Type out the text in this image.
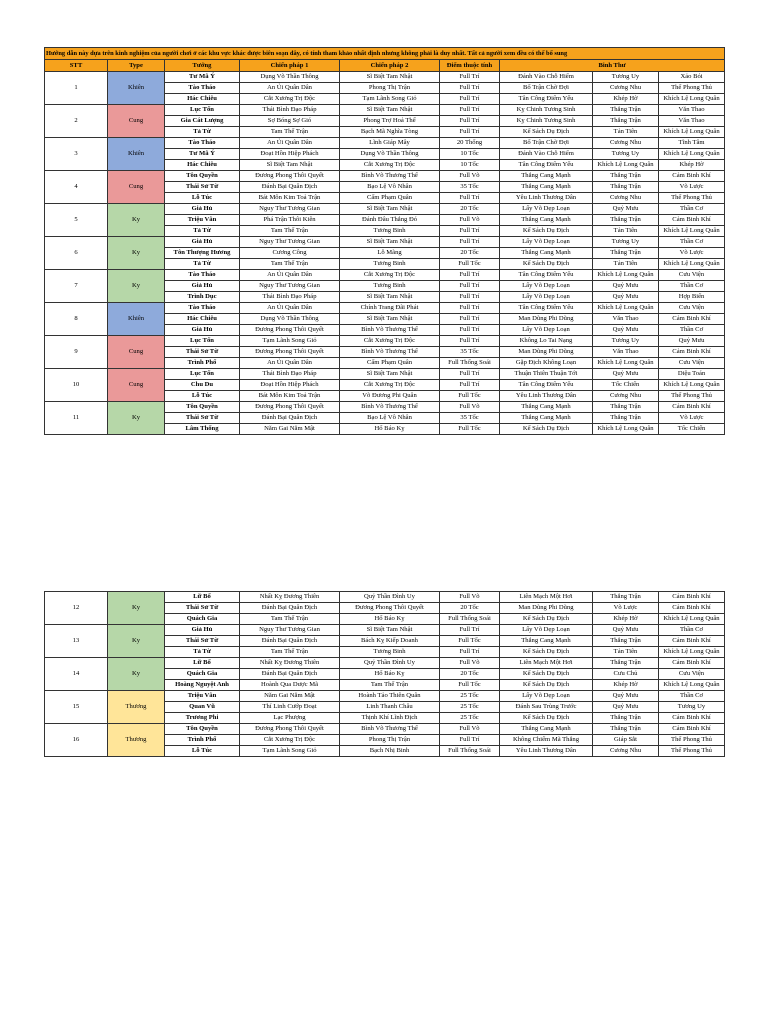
Hướng dẫn này dựa trên kinh nghiệm của người chơi ở các khu vực khác được biên soạn đây, có tính tham khảo nhất định nhưng không phải là duy nhất. Tất cả người xem đều có thể bổ sung								
STT	Type	Tướng	Chiến pháp 1	Chiến pháp 2	Điểm thuộc tính	Binh Thư		
1	Khiên	Tư Mã Ý	Dụng Võ Thần Thông	Sĩ Biệt Tam Nhật	Full Trí	Đánh Vào Chỗ Hiểm	Tương Uy	Xảo Bói
		Tào Tháo	An Ủi Quân Dân	Phong Thị Trận	Full Trí	Bổ Trận Chờ Đợi	Cương Nhu	Thể Phong Thủ
		Hác Chiêu	Cắt Xương Trị Độc	Tạm Lãnh Song Giỏ	Full Trí	Tân Công Điểm Yếu	Khép Hờ	Khích Lệ Long Quân
2	Cung	Lục Tốn	Thái Bình Đạo Pháp	Sĩ Biệt Tam Nhật	Full Trí	Kỵ Chinh Tương Sinh	Thắng Trận	Văn Thao
		Gia Cát Lượng	Sợ Bóng Sợ Gió	Phong Trợ Hoả Thế	Full Trí	Kỵ Chinh Tương Sinh	Thắng Trận	Văn Thao
		Tả Từ	Tam Thế Trận	Bạch Mã Nghĩa Tòng	Full Trí	Kế Sách Dụ Địch	Tản Tiên	Khích Lệ Long Quân
3	Khiên	Tào Tháo	An Ủi Quân Dân	Lĩnh Giáp Mây	20 Thống	Bổ Trận Chờ Đợi	Cương Nhu	Tĩnh Tâm
		Tư Mã Ý	Đoạt Hồn Hiệp Phách	Dụng Võ Thần Thông	10 Tốc	Đánh Vào Chỗ Hiểm	Tương Uy	Khích Lệ Long Quân
		Hác Chiêu	Sĩ Biệt Tam Nhật	Cắt Xương Trị Độc	10 Tốc	Tân Công Điểm Yếu	Khích Lệ Long Quân	Khép Hờ
4	Cung	Tôn Quyền	Đương Phong Thôi Quyết	Bình Võ Thương Thế	Full Võ	Thắng Cang Mạnh	Thắng Trận	Cảm Binh Khí
		Thái Sử Từ	Đánh Bại Quân Địch	Bạo Lệ Vô Nhân	35 Tốc	Thắng Cang Mạnh	Thắng Trận	Võ Lược
		Lỗ Túc	Bát Môn Kim Toả Trận	Cấm Phạm Quân	Full Trí	Yêu Linh Thương Dân	Cương Nhu	Thể Phong Thủ
5	Ky	Giả Hủ	Nguy Thư Tương Gian	Sĩ Biệt Tam Nhật	20 Tốc	Lấy Võ Dẹp Loạn	Quỷ Mưu	Thần Cơ
		Triệu Vân	Phá Trận Thôi Kiên	Đánh Đâu Thắng Đó	Full Võ	Thắng Cang Mạnh	Thắng Trận	Cảm Binh Khí
		Tả Từ	Tam Thế Trận	Tương Binh	Full Trí	Kế Sách Dụ Địch	Tản Tiên	Khích Lệ Long Quân
6	Ky	Giả Hủ	Nguy Thư Tương Gian	Sĩ Biệt Tam Nhật	Full Trí	Lấy Võ Dẹp Loạn	Tương Uy	Thần Cơ
		Tôn Thượng Hương	Cương Công	Lỗ Mãng	20 Tốc	Thắng Cang Mạnh	Thắng Trận	Võ Lược
		Tả Từ	Tam Thế Trận	Tương Binh	Full Tốc	Kế Sách Dụ Địch	Tản Tiên	Khích Lệ Long Quân
7	Ky	Tào Tháo	An Ủi Quân Dân	Cắt Xương Trị Độc	Full Trí	Tân Công Điểm Yếu	Khích Lệ Long Quân	Cưu Viện
		Giả Hủ	Nguy Thư Tương Gian	Tương Binh	Full Trí	Lấy Võ Dẹp Loạn	Quỷ Mưu	Thần Cơ
		Trình Dục	Thái Bình Đạo Pháp	Sĩ Biệt Tam Nhật	Full Trí	Lấy Võ Dẹp Loạn	Quỷ Mưu	Hợp Biến
8	Khiên	Tào Tháo	An Ủi Quân Dân	Chính Trang Đãi Phát	Full Trí	Tân Công Điểm Yếu	Khích Lệ Long Quân	Cưu Viện
		Hác Chiêu	Dụng Võ Thần Thông	Sĩ Biệt Tam Nhật	Full Trí	Man Dũng Phi Dũng	Văn Thao	Cảm Binh Khí
		Giả Hủ	Đương Phong Thôi Quyết	Bình Võ Thương Thế	Full Trí	Lấy Võ Dẹp Loạn	Quỷ Mưu	Thần Cơ
9	Cung	Lục Tốn	Tạm Lãnh Song Giỏ	Cắt Xương Trị Độc	Full Trí	Không Lo Tai Nạng	Tương Uy	Quỷ Mưu
		Thái Sử Từ	Đương Phong Thôi Quyết	Bình Võ Thương Thế	35 Tốc	Man Dũng Phi Dũng	Văn Thao	Cảm Binh Khí
		Trình Phổ	An Ủi Quân Dân	Cấm Phạm Quân	Full Thống Soái	Gặp Địch Không Loạn	Khích Lệ Long Quân	Cưu Viện
10	Cung	Lục Tốn	Thái Bình Đạo Pháp	Sĩ Biệt Tam Nhật	Full Trí	Thuận Thiên Thuận Tới	Quỷ Mưu	Diệu Toán
		Chu Du	Đoạt Hồn Hiệp Phách	Cắt Xương Trị Độc	Full Trí	Tân Công Điểm Yếu	Tốc Chiến	Khích Lệ Long Quân
		Lỗ Túc	Bát Môn Kim Toả Trận	Võ Đương Phi Quân	Full Tốc	Yêu Linh Thương Dân	Cương Nhu	Thể Phong Thủ
11	Ky	Tôn Quyền	Đương Phong Thôi Quyết	Bình Võ Thương Thế	Full Võ	Thắng Cang Mạnh	Thắng Trận	Cảm Binh Khí
		Thái Sử Từ	Đánh Bại Quân Địch	Bạo Lệ Vô Nhân	35 Tốc	Thắng Cang Mạnh	Thắng Trận	Võ Lược
		Lâm Thống	Năm Gai Năm Mật	Hổ Báo Kỵ	Full Tốc	Kế Sách Dụ Địch	Khích Lệ Long Quân	Tốc Chiến
12	Ky	Lữ Bố	Nhất Kỵ Đương Thiên	Quỷ Thần Đình Uy	Full Võ	Liên Mạch Một Hơi	Thắng Trận	Cảm Binh Khí
		Thái Sử Từ	Đánh Bại Quân Địch	Đương Phong Thôi Quyết	20 Tốc	Man Dũng Phi Dũng	Võ Lược	Cảm Binh Khí
		Quách Gia	Tam Thế Trận	Hổ Báo Kỵ	Full Thống Soái	Kế Sách Dụ Địch	Khép Hờ	Khích Lệ Long Quân
13	Ky	Giả Hủ	Nguy Thư Tương Gian	Sĩ Biệt Tam Nhật	Full Trí	Lấy Võ Dẹp Loạn	Quỷ Mưu	Thần Cơ
		Thái Sử Từ	Đánh Bại Quân Địch	Bách Kỵ Kiếp Doanh	Full Tốc	Thắng Cang Mạnh	Thắng Trận	Cảm Binh Khí
		Tả Từ	Tam Thế Trận	Tương Binh	Full Trí	Kế Sách Dụ Địch	Tản Tiên	Khích Lệ Long Quân
14	Ky	Lữ Bố	Nhất Kỵ Đương Thiên	Quỷ Thần Đình Uy	Full Võ	Liên Mạch Một Hơi	Thắng Trận	Cảm Binh Khí
		Quách Gia	Đánh Bại Quân Địch	Hổ Báo Kỵ	20 Tốc	Kế Sách Dụ Địch	Cưu Chủ	Cưu Viện
		Hoàng Nguyệt Anh	Hoành Qua Dược Mã	Tam Thế Trận	Full Tốc	Kế Sách Dụ Địch	Khép Hờ	Khích Lệ Long Quân
15	Thương	Triệu Vân	Năm Gai Năm Mật	Hoành Tảo Thiên Quân	25 Tốc	Lấy Võ Dẹp Loạn	Quỷ Mưu	Thần Cơ
		Quan Vũ	Thí Linh Cướp Đoạt	Linh Thanh Châu	25 Tốc	Đánh Sau Trùng Trước	Quỷ Mưu	Tương Uy
		Trương Phi	Lạc Phượng	Thịnh Khí Lĩnh Địch	25 Tốc	Kế Sách Dụ Địch	Thắng Trận	Cảm Binh Khí
16	Thương	Tôn Quyền	Đương Phong Thôi Quyết	Bình Võ Thương Thế	Full Võ	Thắng Cang Mạnh	Thắng Trận	Cảm Binh Khí
		Trình Phổ	Cắt Xương Trị Độc	Phong Thị Trận	Full Trí	Không Chiếm Mã Thắng	Giáp Sắt	Thể Phong Thủ
		Lỗ Túc	Tạm Lãnh Song Giỏ	Bạch Nhị Binh	Full Thống Soái	Yêu Linh Thương Dân	Cương Nhu	Thể Phong Thủ
